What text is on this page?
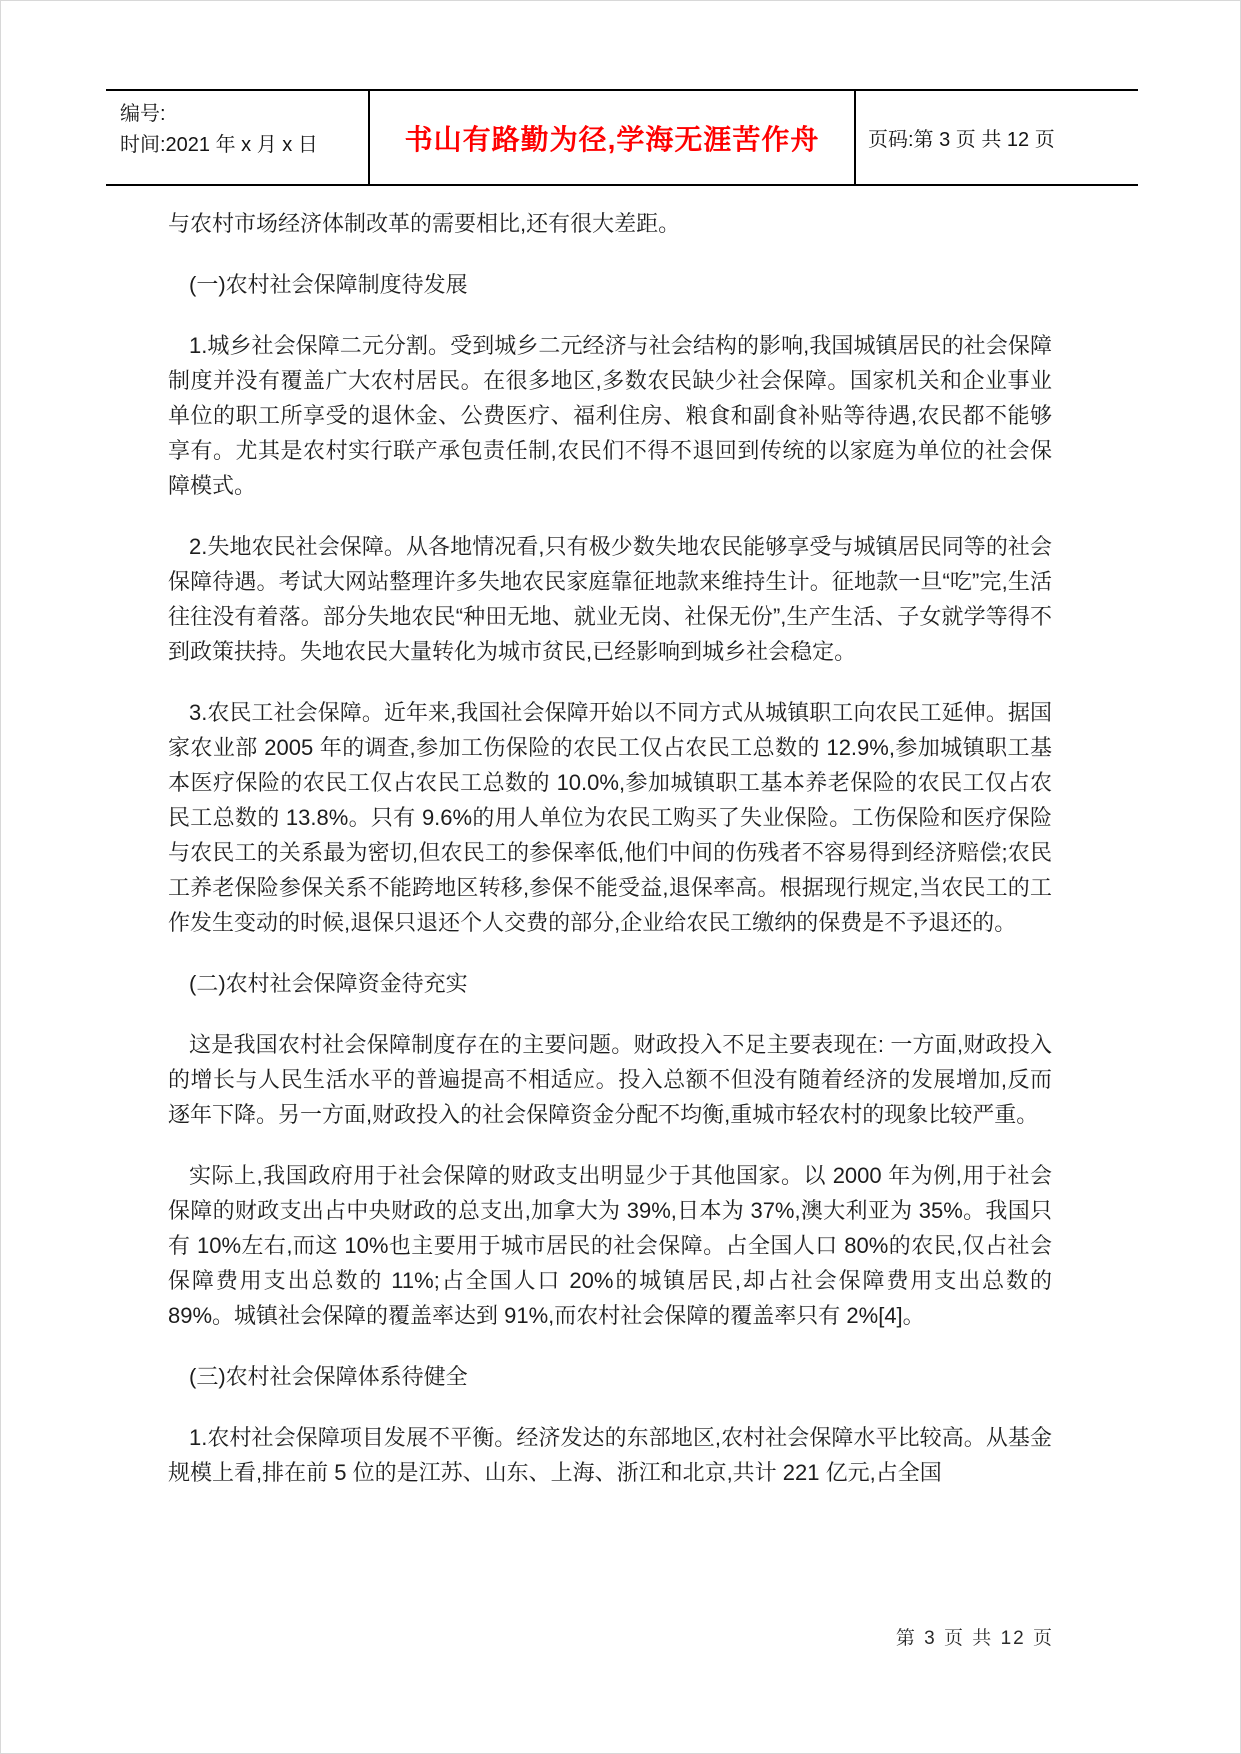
编号:
时间:2021 年 x 月 x 日	书山有路勤为径,学海无涯苦作舟 页码:第 3 页 共 12 页

与农村市场经济体制改革的需要相比,还有很大差距。

(一)农村社会保障制度待发展

1.城乡社会保障二元分割。受到城乡二元经济与社会结构的影响,我国城镇居民的社会保障制度并没有覆盖广大农村居民。在很多地区,多数农民缺少社会保障。国家机关和企业事业单位的职工所享受的退休金、公费医疗、福利住房、粮食和副食补贴等待遇,农民都不能够享有。尤其是农村实行联产承包责任制,农民们不得不退回到传统的以家庭为单位的社会保障模式。

2.失地农民社会保障。从各地情况看,只有极少数失地农民能够享受与城镇居民同等的社会保障待遇。考试大网站整理许多失地农民家庭靠征地款来维持生计。征地款一旦“吃”完,生活往往没有着落。部分失地农民“种田无地、就业无岗、社保无份”,生产生活、子女就学等得不到政策扶持。失地农民大量转化为城市贫民,已经影响到城乡社会稳定。

3.农民工社会保障。近年来,我国社会保障开始以不同方式从城镇职工向农民工延伸。据国家农业部 2005 年的调查,参加工伤保险的农民工仅占农民工总数的 12.9%,参加城镇职工基本医疗保险的农民工仅占农民工总数的 10.0%,参加城镇职工基本养老保险的农民工仅占农民工总数的 13.8%。只有 9.6%的用人单位为农民工购买了失业保险。工伤保险和医疗保险与农民工的关系最为密切,但农民工的参保率低,他们中间的伤残者不容易得到经济赔偿;农民工养老保险参保关系不能跨地区转移,参保不能受益,退保率高。根据现行规定,当农民工的工作发生变动的时候,退保只退还个人交费的部分,企业给农民工缴纳的保费是不予退还的。

(二)农村社会保障资金待充实

这是我国农村社会保障制度存在的主要问题。财政投入不足主要表现在: 一方面,财政投入的增长与人民生活水平的普遍提高不相适应。投入总额不但没有随着经济的发展增加,反而逐年下降。另一方面,财政投入的社会保障资金分配不均衡,重城市轻农村的现象比较严重。

实际上,我国政府用于社会保障的财政支出明显少于其他国家。以 2000 年为例,用于社会保障的财政支出占中央财政的总支出,加拿大为 39%,日本为 37%,澳大利亚为 35%。我国只有 10%左右,而这 10%也主要用于城市居民的社会保障。占全国人口 80%的农民,仅占社会保障费用支出总数的 11%;占全国人口 20%的城镇居民,却占社会保障费用支出总数的 89%。城镇社会保障的覆盖率达到 91%,而农村社会保障的覆盖率只有 2%[4]。

(三)农村社会保障体系待健全

1.农村社会保障项目发展不平衡。经济发达的东部地区,农村社会保障水平比较高。从基金规模上看,排在前 5 位的是江苏、山东、上海、浙江和北京,共计 221 亿元,占全国

第 3 页 共 12 页
